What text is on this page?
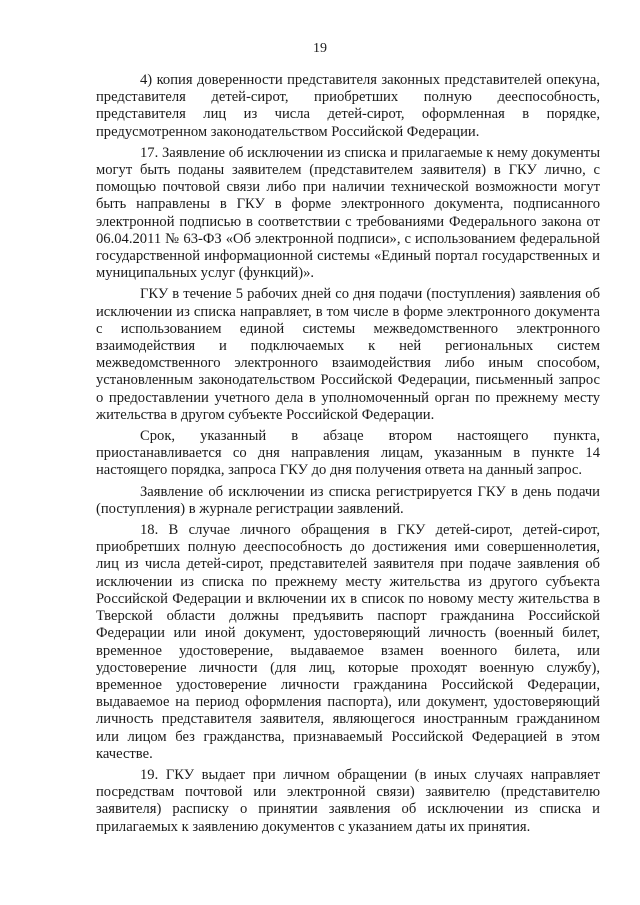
19

4) копия доверенности представителя законных представителей опекуна, представителя детей-сирот, приобретших полную дееспособность, представителя лиц из числа детей-сирот, оформленная в порядке, предусмотренном законодательством Российской Федерации.

17. Заявление об исключении из списка и прилагаемые к нему документы могут быть поданы заявителем (представителем заявителя) в ГКУ лично, с помощью почтовой связи либо при наличии технической возможности могут быть направлены в ГКУ в форме электронного документа, подписанного электронной подписью в соответствии с требованиями Федерального закона от 06.04.2011 № 63-ФЗ «Об электронной подписи», с использованием федеральной государственной информационной системы «Единый портал государственных и муниципальных услуг (функций)».

ГКУ в течение 5 рабочих дней со дня подачи (поступления) заявления об исключении из списка направляет, в том числе в форме электронного документа с использованием единой системы межведомственного электронного взаимодействия и подключаемых к ней региональных систем межведомственного электронного взаимодействия либо иным способом, установленным законодательством Российской Федерации, письменный запрос о предоставлении учетного дела в уполномоченный орган по прежнему месту жительства в другом субъекте Российской Федерации.

Срок, указанный в абзаце втором настоящего пункта, приостанавливается со дня направления лицам, указанным в пункте 14 настоящего порядка, запроса ГКУ до дня получения ответа на данный запрос.

Заявление об исключении из списка регистрируется ГКУ в день подачи (поступления) в журнале регистрации заявлений.

18. В случае личного обращения в ГКУ детей-сирот, детей-сирот, приобретших полную дееспособность до достижения ими совершеннолетия, лиц из числа детей-сирот, представителей заявителя при подаче заявления об исключении из списка по прежнему месту жительства из другого субъекта Российской Федерации и включении их в список по новому месту жительства в Тверской области должны предъявить паспорт гражданина Российской Федерации или иной документ, удостоверяющий личность (военный билет, временное удостоверение, выдаваемое взамен военного билета, или удостоверение личности (для лиц, которые проходят военную службу), временное удостоверение личности гражданина Российской Федерации, выдаваемое на период оформления паспорта), или документ, удостоверяющий личность представителя заявителя, являющегося иностранным гражданином или лицом без гражданства, признаваемый Российской Федерацией в этом качестве.

19. ГКУ выдает при личном обращении (в иных случаях направляет посредствам почтовой или электронной связи) заявителю (представителю заявителя) расписку о принятии заявления об исключении из списка и прилагаемых к заявлению документов с указанием даты их принятия.
